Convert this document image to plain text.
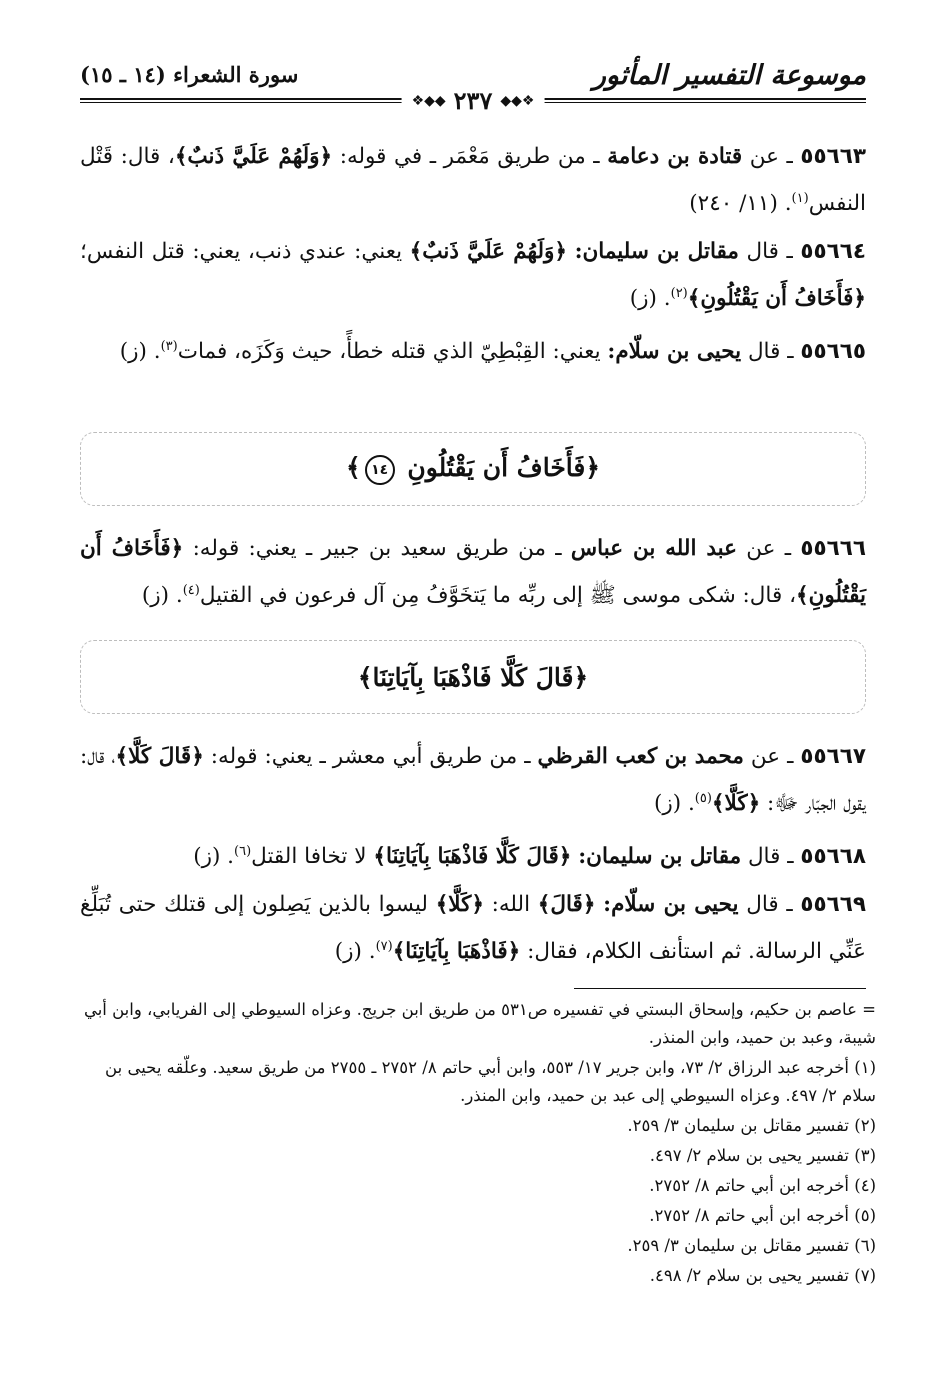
موسوعة التفسير المأثور
سورة الشعراء (١٤ ـ ١٥)
❖◆◆
٢٣٧
◆◆❖

٥٥٦٦٣ ـ عن قتادة بن دعامة ـ من طريق مَعْمَر ـ في قوله: ﴿وَلَهُمْ عَلَيَّ ذَنبٌ﴾، قال: قَتْل النفس$^{(١)}$. (١١/ ٢٤٠)

٥٥٦٦٤ ـ قال مقاتل بن سليمان: ﴿وَلَهُمْ عَلَيَّ ذَنبٌ﴾ يعني: عندي ذنب، يعني: قتل النفس؛ ﴿فَأَخَافُ أَن يَقْتُلُونِ﴾$^{(٢)}$. (ز)

٥٥٦٦٥ ـ قال يحيى بن سلّام: يعني: القِبْطِيّ الذي قتله خطأً، حيث وَكَزَه، فمات$^{(٣)}$. (ز)

﴿فَأَخَافُ أَن يَقْتُلُونِ ١٤﴾

٥٥٦٦٦ ـ عن عبد الله بن عباس ـ من طريق سعيد بن جبير ـ يعني: قوله: ﴿فَأَخَافُ أَن يَقْتُلُونِ﴾، قال: شكى موسى ﷺ إلى ربِّه ما يَتخَوَّفُ مِن آل فرعون في القتيل$^{(٤)}$. (ز)

﴿قَالَ كَلَّا فَاذْهَبَا بِآيَاتِنَا﴾

٥٥٦٦٧ ـ عن محمد بن كعب القرظي ـ من طريق أبي معشر ـ يعني: قوله: ﴿قَالَ كَلَّا﴾، قال: يقول الجبّار ﷻ: ﴿كَلَّا﴾$^{(٥)}$. (ز)

٥٥٦٦٨ ـ قال مقاتل بن سليمان: ﴿قَالَ كَلَّا فَاذْهَبَا بِآيَاتِنَا﴾ لا تخافا القتل$^{(٦)}$. (ز)

٥٥٦٦٩ ـ قال يحيى بن سلّام: ﴿قَالَ﴾ الله: ﴿كَلَّا﴾ ليسوا بالذين يَصِلون إلى قتلك حتى تُبَلِّغ عَنِّي الرسالة. ثم استأنف الكلام، فقال: ﴿فَاذْهَبَا بِآيَاتِنَا﴾$^{(٧)}$. (ز)

= عاصم بن حكيم، وإسحاق البستي في تفسيره ص٥٣١ من طريق ابن جريج. وعزاه السيوطي إلى الفريابي، وابن أبي شيبة، وعبد بن حميد، وابن المنذر.

(١) أخرجه عبد الرزاق ٢/ ٧٣، وابن جرير ١٧/ ٥٥٣، وابن أبي حاتم ٨/ ٢٧٥٢ ـ ٢٧٥٥ من طريق سعيد. وعلّقه يحيى بن سلام ٢/ ٤٩٧. وعزاه السيوطي إلى عبد بن حميد، وابن المنذر.

(٢) تفسير مقاتل بن سليمان ٣/ ٢٥٩.

(٣) تفسير يحيى بن سلام ٢/ ٤٩٧.

(٤) أخرجه ابن أبي حاتم ٨/ ٢٧٥٢.

(٥) أخرجه ابن أبي حاتم ٨/ ٢٧٥٢.

(٦) تفسير مقاتل بن سليمان ٣/ ٢٥٩.

(٧) تفسير يحيى بن سلام ٢/ ٤٩٨.
